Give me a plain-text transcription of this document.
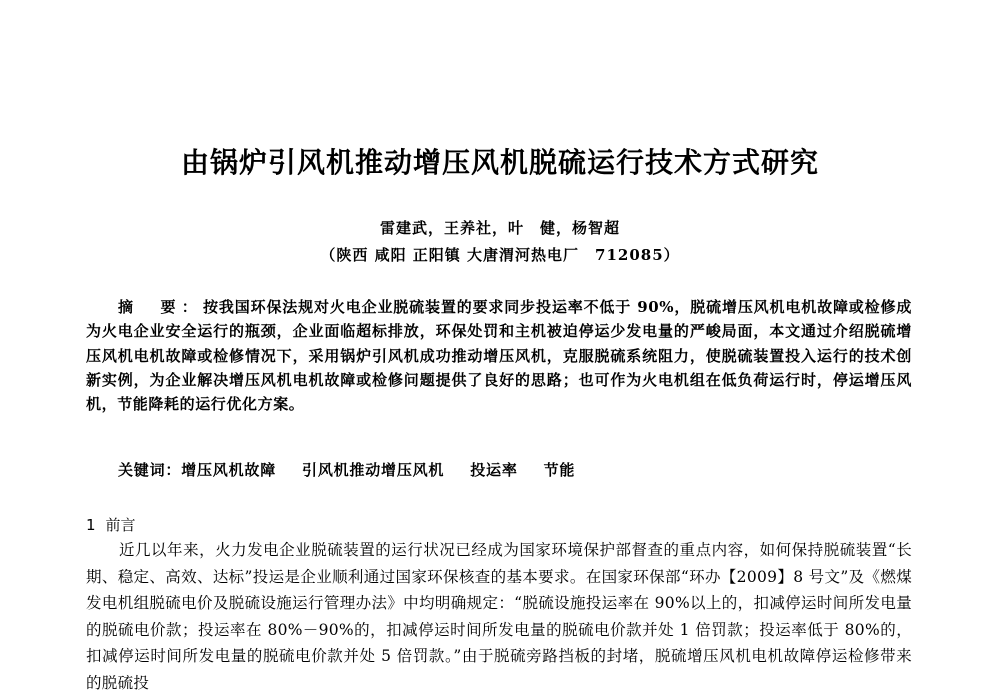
由锅炉引风机推动增压风机脱硫运行技术方式研究
雷建武，王养社，叶　健，杨智超
（陕西 咸阳 正阳镇 大唐渭河热电厂　712085）
摘　要：按我国环保法规对火电企业脱硫装置的要求同步投运率不低于 90%，脱硫增压风机电机故障或检修成为火电企业安全运行的瓶颈，企业面临超标排放，环保处罚和主机被迫停运少发电量的严峻局面，本文通过介绍脱硫增压风机电机故障或检修情况下，采用锅炉引风机成功推动增压风机，克服脱硫系统阻力，使脱硫装置投入运行的技术创新实例，为企业解决增压风机电机故障或检修问题提供了良好的思路；也可作为火电机组在低负荷运行时，停运增压风机，节能降耗的运行优化方案。
关键词：增压风机故障 引风机推动增压风机 投运率 节能
1 前言
近几以年来，火力发电企业脱硫装置的运行状况已经成为国家环境保护部督查的重点内容，如何保持脱硫装置“长期、稳定、高效、达标”投运是企业顺利通过国家环保核查的基本要求。在国家环保部“环办【2009】8 号文”及《燃煤发电机组脱硫电价及脱硫设施运行管理办法》中均明确规定：“脱硫设施投运率在 90%以上的，扣减停运时间所发电量的脱硫电价款；投运率在 80%－90%的，扣减停运时间所发电量的脱硫电价款并处 1 倍罚款；投运率低于 80%的，扣减停运时间所发电量的脱硫电价款并处 5 倍罚款。”由于脱硫旁路挡板的封堵，脱硫增压风机电机故障停运检修带来的脱硫投
